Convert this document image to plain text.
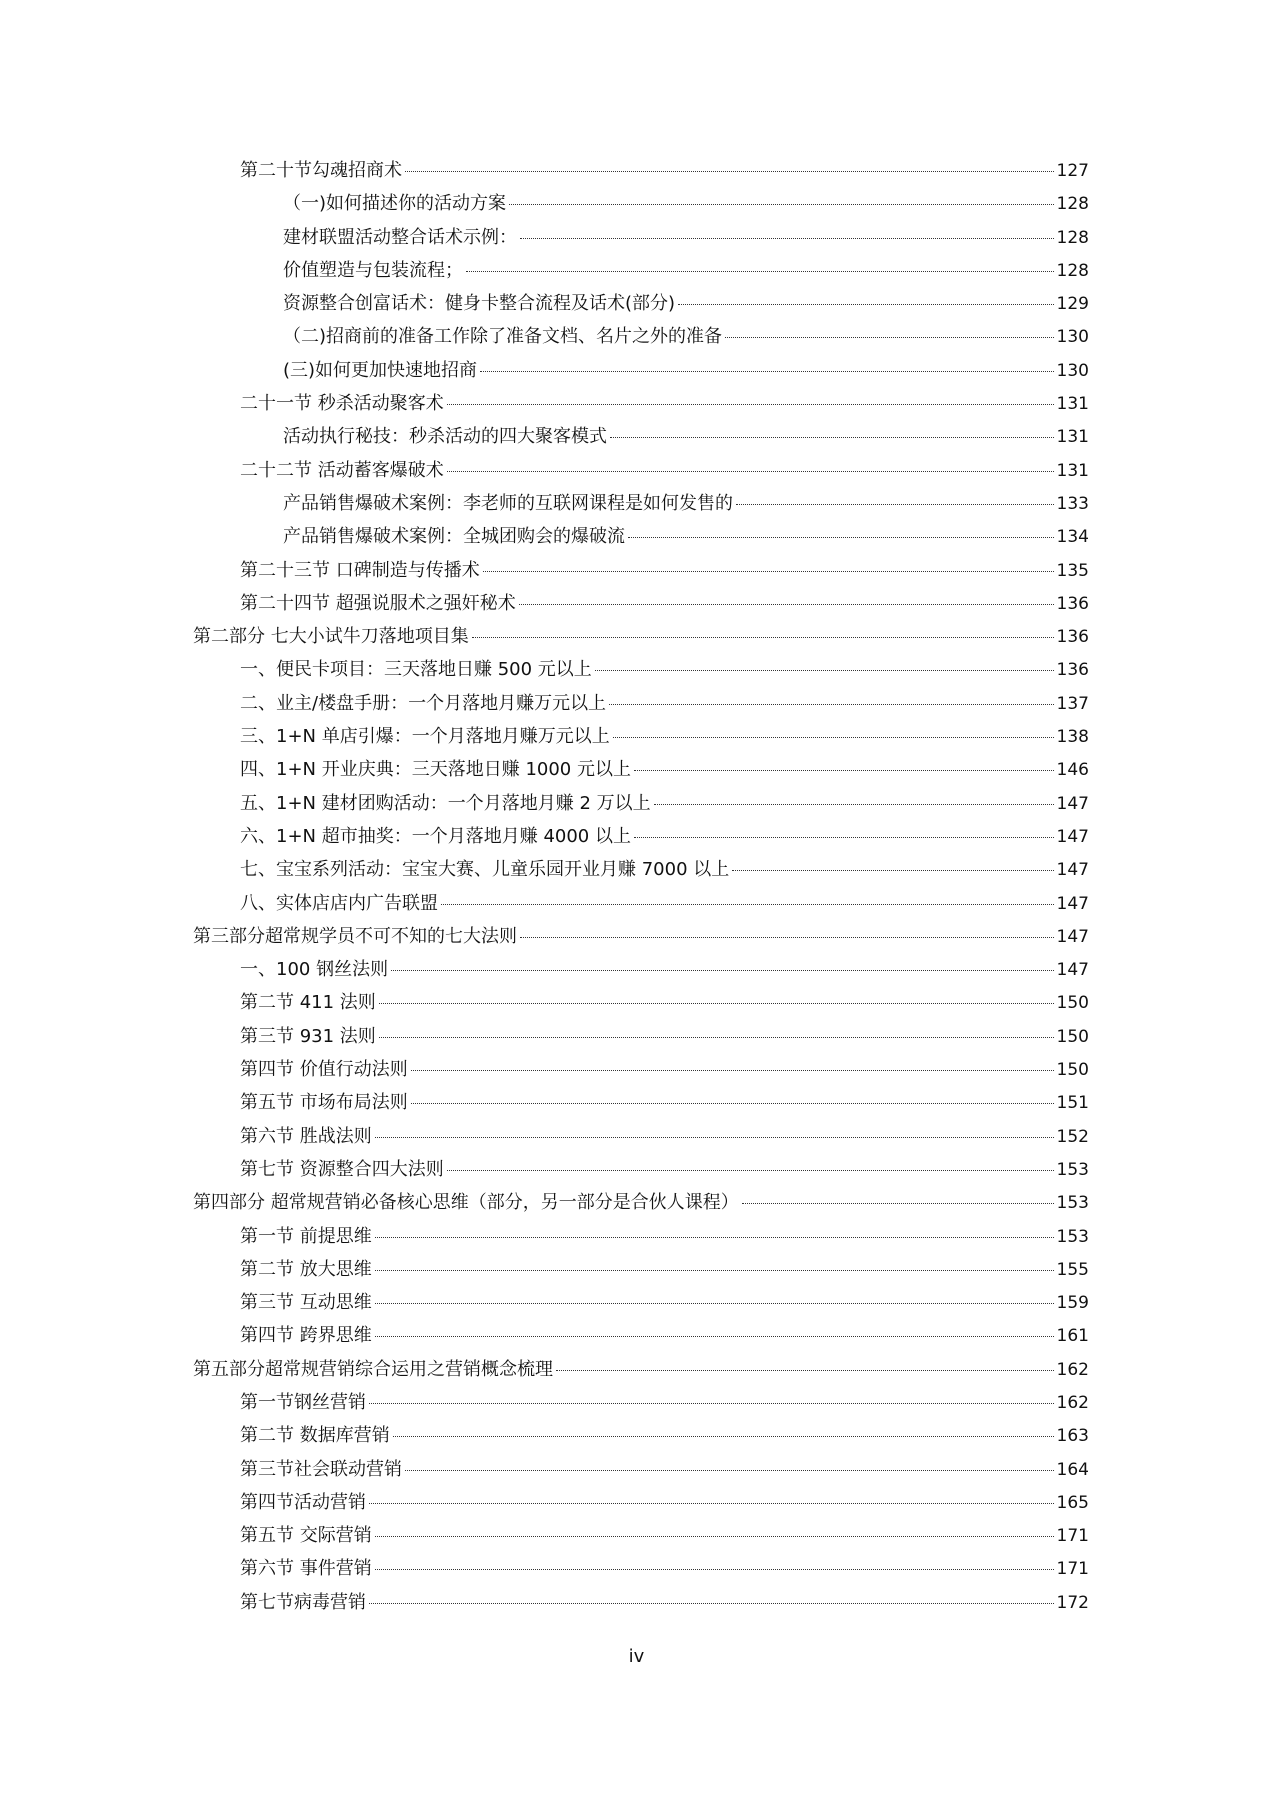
第二十节勾魂招商术	127
（一)如何描述你的活动方案	128
建材联盟活动整合话术示例：	128
价值塑造与包装流程；	128
资源整合创富话术：健身卡整合流程及话术(部分)	129
（二)招商前的准备工作除了准备文档、名片之外的准备	130
(三)如何更加快速地招商	130
二十一节 秒杀活动聚客术	131
活动执行秘技：秒杀活动的四大聚客模式	131
二十二节 活动蓄客爆破术	131
产品销售爆破术案例：李老师的互联网课程是如何发售的	133
产品销售爆破术案例：全城团购会的爆破流	134
第二十三节 口碑制造与传播术	135
第二十四节 超强说服术之强奸秘术	136
第二部分 七大小试牛刀落地项目集	136
一、便民卡项目：三天落地日赚 500 元以上	136
二、业主/楼盘手册：一个月落地月赚万元以上	137
三、1+N 单店引爆：一个月落地月赚万元以上	138
四、1+N 开业庆典：三天落地日赚 1000 元以上	146
五、1+N 建材团购活动：一个月落地月赚 2 万以上	147
六、1+N 超市抽奖：一个月落地月赚 4000 以上	147
七、宝宝系列活动：宝宝大赛、儿童乐园开业月赚 7000 以上	147
八、实体店店内广告联盟	147
第三部分超常规学员不可不知的七大法则	147
一、100 钢丝法则	147
第二节 411 法则	150
第三节 931 法则	150
第四节 价值行动法则	150
第五节 市场布局法则	151
第六节 胜战法则	152
第七节 资源整合四大法则	153
第四部分 超常规营销必备核心思维（部分，另一部分是合伙人课程）	153
第一节 前提思维	153
第二节 放大思维	155
第三节 互动思维	159
第四节 跨界思维	161
第五部分超常规营销综合运用之营销概念梳理	162
第一节钢丝营销	162
第二节 数据库营销	163
第三节社会联动营销	164
第四节活动营销	165
第五节 交际营销	171
第六节 事件营销	171
第七节病毒营销	172
iv
